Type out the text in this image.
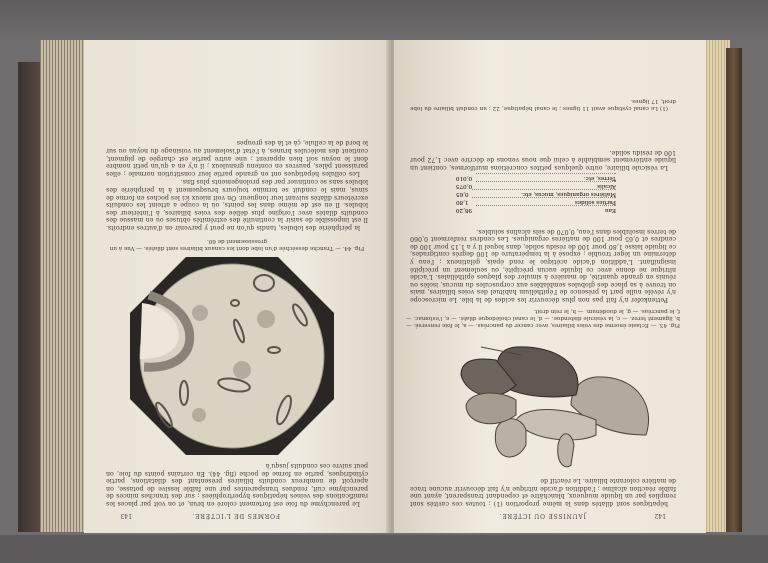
FORMES DE L'ICTÈRE.
143

Le parenchyme du foie est fortement coloré en brun, et on voit par places les ramifications des veines hépatiques hypertrophiées ; sur des tranches minces de parenchyme cuit, rendues transparentes par une faible lessive de potasse, on aperçoit de nombreux conduits biliaires présentant des dilatations, partie cylindriques, partie en forme de poche (fig. 44). En certains points du foie, on peut suivre ces conduits jusqu'à

Fig. 44. — Tranche desséchée d'un lobe dont les canaux biliaires sont dilatés. — Vue à un grossissement de 60.

la périphérie des lobules, tandis qu'on ne peut y parvenir en d'autres endroits. Il est impossible de saisir la continuité des extrémités obtuses ou en massue des conduits dilatés avec l'origine plus déliée des voies biliaires, à l'intérieur des lobules. Il en est de même dans les points, où la coupe a atteint les conduits excréteurs dilatés suivant leur longueur. On voit mieux ici les poches en forme de sinus, mais le conduit se termine toujours brusquement à la périphérie des lobules sans se continuer par des prolongements plus fins.

Les cellules hépatiques ont en grande partie leur constitution normale ; elles paraissent pâles, pauvres en contenu granuleux ; il n'y en a qu'un petit nombre dont le noyau soit bien apparent ; une autre partie est chargée de pigment, contient des molécules brunes, à l'état d'isolement au voisinage du noyau ou sur le bord de la cellule, çà et là des groupes

142
JAUNISSE OU ICTÈRE.

hépatiques sont dilatés dans la même proportion (1) ; toutes ces cavités sont remplies par un liquide muqueux, blanchâtre et cependant transparent, ayant une faible réaction alcaline ; l'addition d'acide nitrique n'y fait découvrir aucune trace de matière colorante biliaire. Le réactif de

Fig. 43. — Ectasie énorme des voies biliaires, avec cancer du pancréas. — a, le foie renversé. — b, ligament terez. — c, la vésicule distendue. — d, le canal cholédoque dilaté. — e, l'estomac. — f, le pancréas. — g, le duodénum. — h, le rein droit.

Pettenkofer n'y fait pas non plus découvrir les acides de la bile. Le microscope n'y révèle nulle part la présence de l'épithélium habituel des voies biliaires, mais on trouve à sa place des globules semblables aux corpuscules du mucus, isolés ou réunis en grande quantité, de manière à simuler des plaques épithéliales. L'acide nitrique ne donne avec ce liquide aucun précipité, ou seulement un précipité insignifiant. L'addition d'acide acétique le rend épais, gélatineux ; l'eau y détermine un léger trouble ; exposé à la température de 100 degrés centigrades, ce liquide laisse 1,80 pour 100 de résidu solide, dans lequel il y a 1,15 pour 100 de cendres et 0,65 pour 100 de matières organiques. Les cendres renferment 0,060 de terres insolubles dans l'eau, 0,070 de sels alcalins solubles.

Eau
98,20
Parties solides
1,80
Matières organiques, mucus, etc.
0,65
Alcalis
0,075
Terres, etc.
0,010

La vésicule biliaire, outre quelques petites concrétions muriformes, contient un liquide entièrement semblable à celui que nous venons de décrire avec 1,72 pour 100 de résidu solide.

(1) Le canal cystique avait 11 lignes ; le canal hépatique, 22 ; un conduit biliaire du lobe droit, 17 lignes.
